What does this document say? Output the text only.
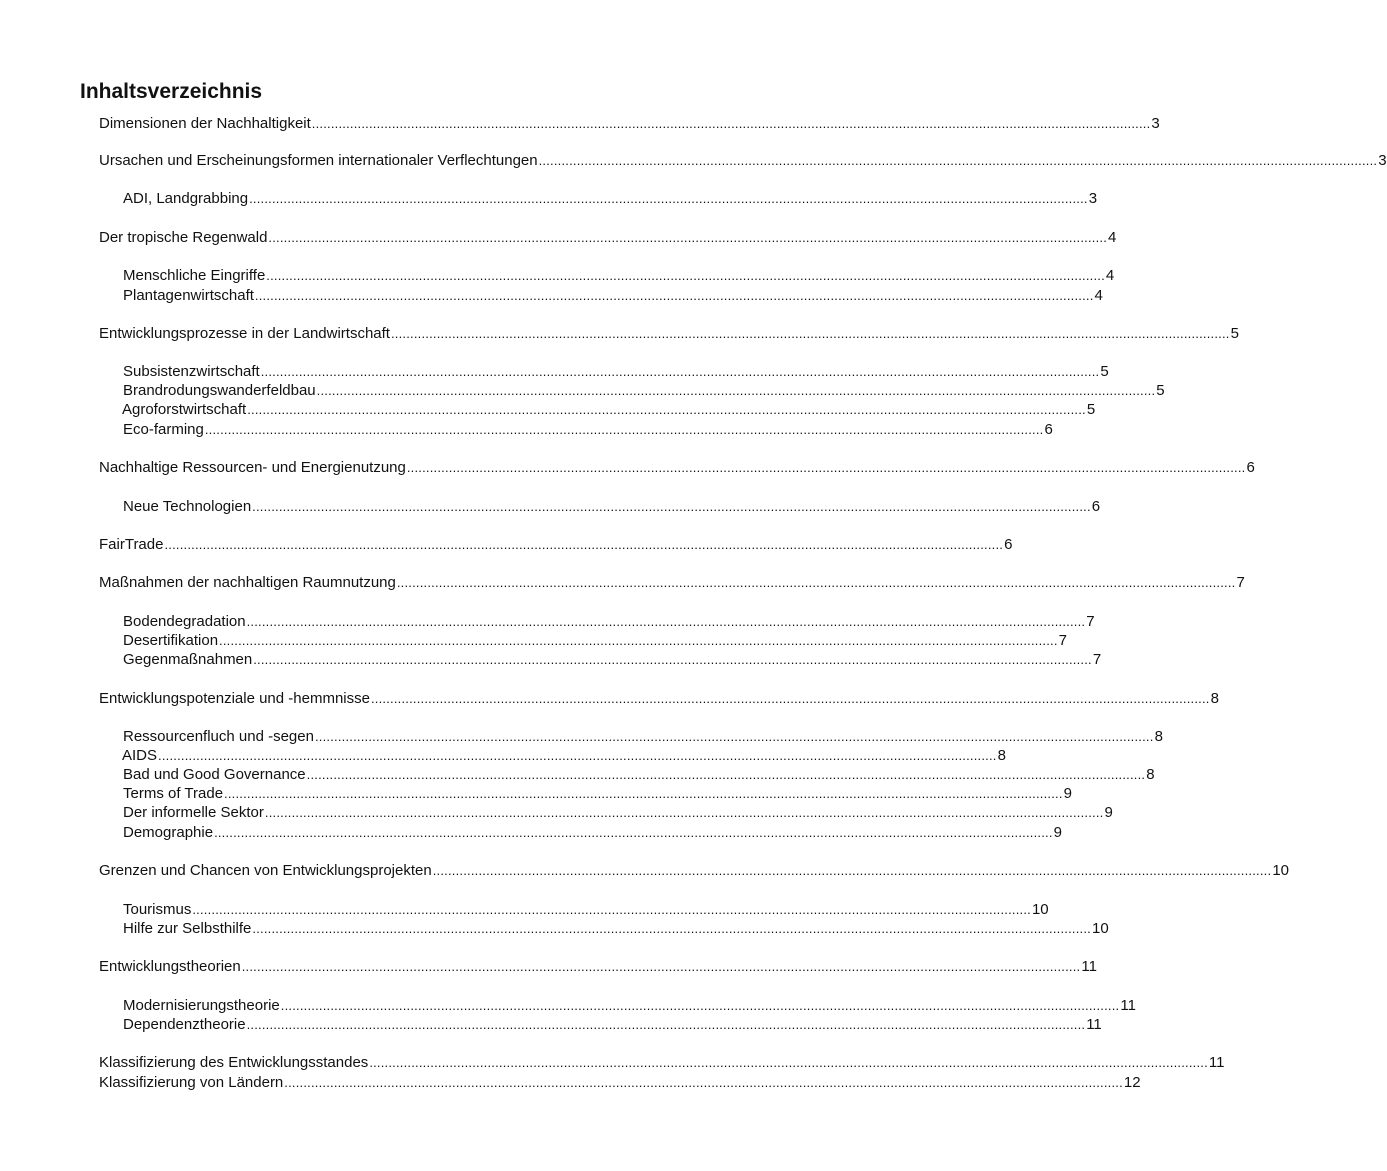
Inhaltsverzeichnis
Dimensionen der Nachhaltigkeit ............................................................................................................................................................................................................................ 3
Ursachen und Erscheinungsformen internationaler Verflechtungen ............................................................................................................................................................................................................................ 3
ADI, Landgrabbing ............................................................................................................................................................................................................................ 3
Der tropische Regenwald ............................................................................................................................................................................................................................ 4
Menschliche Eingriffe ............................................................................................................................................................................................................................ 4
Plantagenwirtschaft ............................................................................................................................................................................................................................ 4
Entwicklungsprozesse in der Landwirtschaft ............................................................................................................................................................................................................................ 5
Subsistenzwirtschaft ............................................................................................................................................................................................................................ 5
Brandrodungswanderfeldbau ............................................................................................................................................................................................................................ 5
Agroforstwirtschaft ............................................................................................................................................................................................................................ 5
Eco-farming ............................................................................................................................................................................................................................ 6
Nachhaltige Ressourcen- und Energienutzung ............................................................................................................................................................................................................................ 6
Neue Technologien ............................................................................................................................................................................................................................ 6
FairTrade ............................................................................................................................................................................................................................ 6
Maßnahmen der nachhaltigen Raumnutzung ............................................................................................................................................................................................................................ 7
Bodendegradation ............................................................................................................................................................................................................................ 7
Desertifikation ............................................................................................................................................................................................................................ 7
Gegenmaßnahmen ............................................................................................................................................................................................................................ 7
Entwicklungspotenziale und -hemmnisse ............................................................................................................................................................................................................................ 8
Ressourcenfluch und -segen ............................................................................................................................................................................................................................ 8
AIDS ............................................................................................................................................................................................................................ 8
Bad und Good Governance ............................................................................................................................................................................................................................ 8
Terms of Trade ............................................................................................................................................................................................................................ 9
Der informelle Sektor ............................................................................................................................................................................................................................ 9
Demographie ............................................................................................................................................................................................................................ 9
Grenzen und Chancen von Entwicklungsprojekten ............................................................................................................................................................................................................................ 10
Tourismus ............................................................................................................................................................................................................................ 10
Hilfe zur Selbsthilfe ............................................................................................................................................................................................................................ 10
Entwicklungstheorien ............................................................................................................................................................................................................................ 11
Modernisierungstheorie ............................................................................................................................................................................................................................ 11
Dependenztheorie ............................................................................................................................................................................................................................ 11
Klassifizierung des Entwicklungsstandes ............................................................................................................................................................................................................................ 11
Klassifizierung von Ländern ............................................................................................................................................................................................................................ 12
